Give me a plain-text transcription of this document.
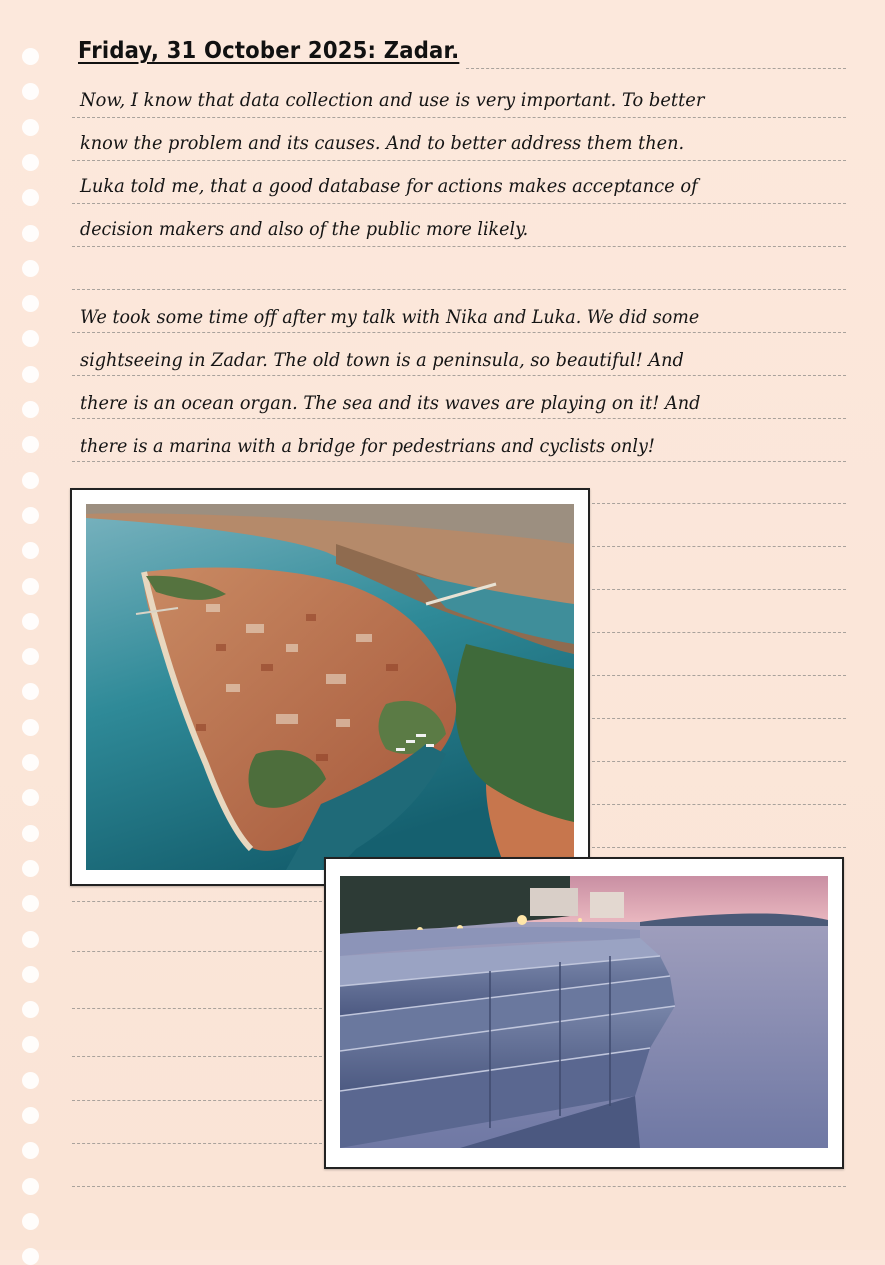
Friday, 31 October 2025: Zadar.
Now, I know that data collection and use is very important. To better
know the problem and its causes. And to better address them then.
Luka told me, that a good database for actions makes acceptance of
decision makers and also of the public more likely.
We took some time off after my talk with Nika and Luka. We did some
sightseeing in Zadar. The old town is a peninsula, so beautiful! And
there is an ocean organ. The sea and its waves are playing on it! And
there is a marina with a bridge for pedestrians and cyclists only!
